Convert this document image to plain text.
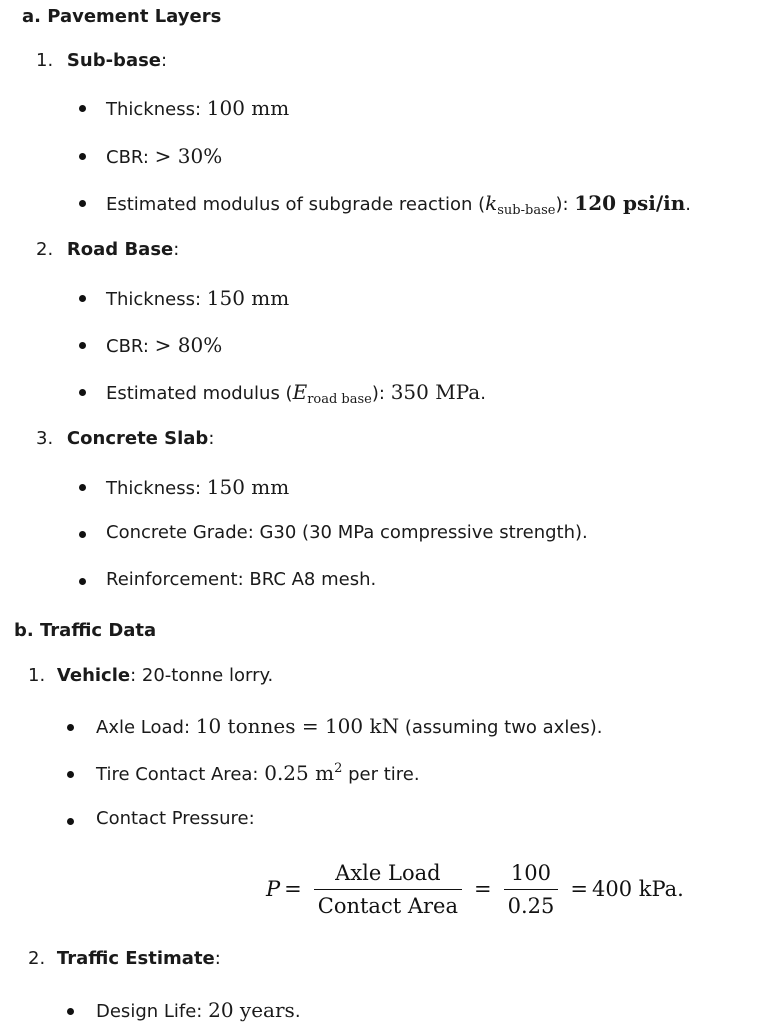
a. Pavement Layers
1. Sub-base:
Thickness: 100 mm
CBR: > 30%
Estimated modulus of subgrade reaction $(k_{sub-base})$: 120 psi/in.
2. Road Base:
Thickness: 150 mm
CBR: > 80%
Estimated modulus $(E_{road base})$: 350 MPa.
3. Concrete Slab:
Thickness: 150 mm
Concrete Grade: G30 (30 MPa compressive strength).
Reinforcement: BRC A8 mesh.
b. Traffic Data
1. Vehicle: 20-tonne lorry.
Axle Load: 10 tonnes = 100 kN (assuming two axles).
Tire Contact Area: 0.25 $m^2$ per tire.
Contact Pressure:
$P = \frac{\text{Axle Load}}{\text{Contact Area}} = \frac{100}{0.25} = 400$ kPa .
2. Traffic Estimate:
Design Life: 20 years.
